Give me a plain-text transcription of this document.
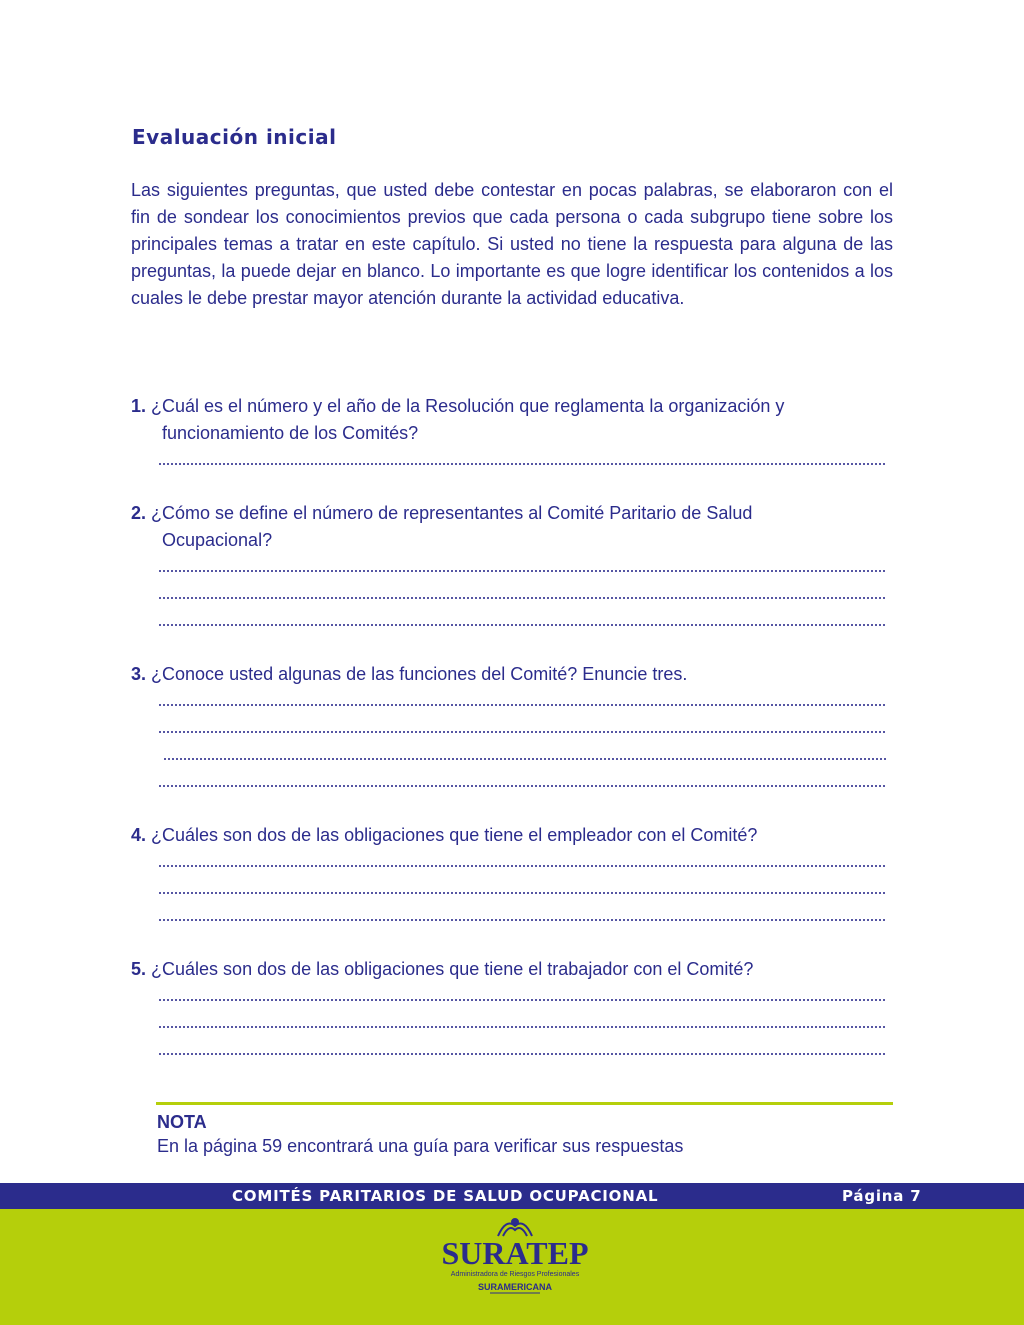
Evaluación inicial
Las siguientes preguntas, que usted debe contestar en pocas palabras, se elaboraron con el fin de sondear los conocimientos previos que cada persona o cada subgrupo tiene sobre los principales temas a tratar en este capítulo. Si usted no tiene la respuesta para alguna de las preguntas, la puede dejar en blanco. Lo importante es que logre identificar los contenidos a los cuales le debe prestar mayor atención durante la actividad educativa.
1. ¿Cuál es el número y el año de la Resolución que reglamenta la organización y
funcionamiento de los Comités?
2. ¿Cómo se define el número de representantes al Comité Paritario de Salud
Ocupacional?
3. ¿Conoce usted algunas de las funciones del Comité? Enuncie tres.
4. ¿Cuáles son dos de las obligaciones que tiene el empleador con el Comité?
5. ¿Cuáles son dos de las obligaciones que tiene el trabajador con el Comité?
NOTA
En la página 59 encontrará una guía para verificar sus respuestas
COMITÉS PARITARIOS DE SALUD OCUPACIONAL	Página 7
SURATEP
Administradora de Riesgos Profesionales
SURAMERICANA
